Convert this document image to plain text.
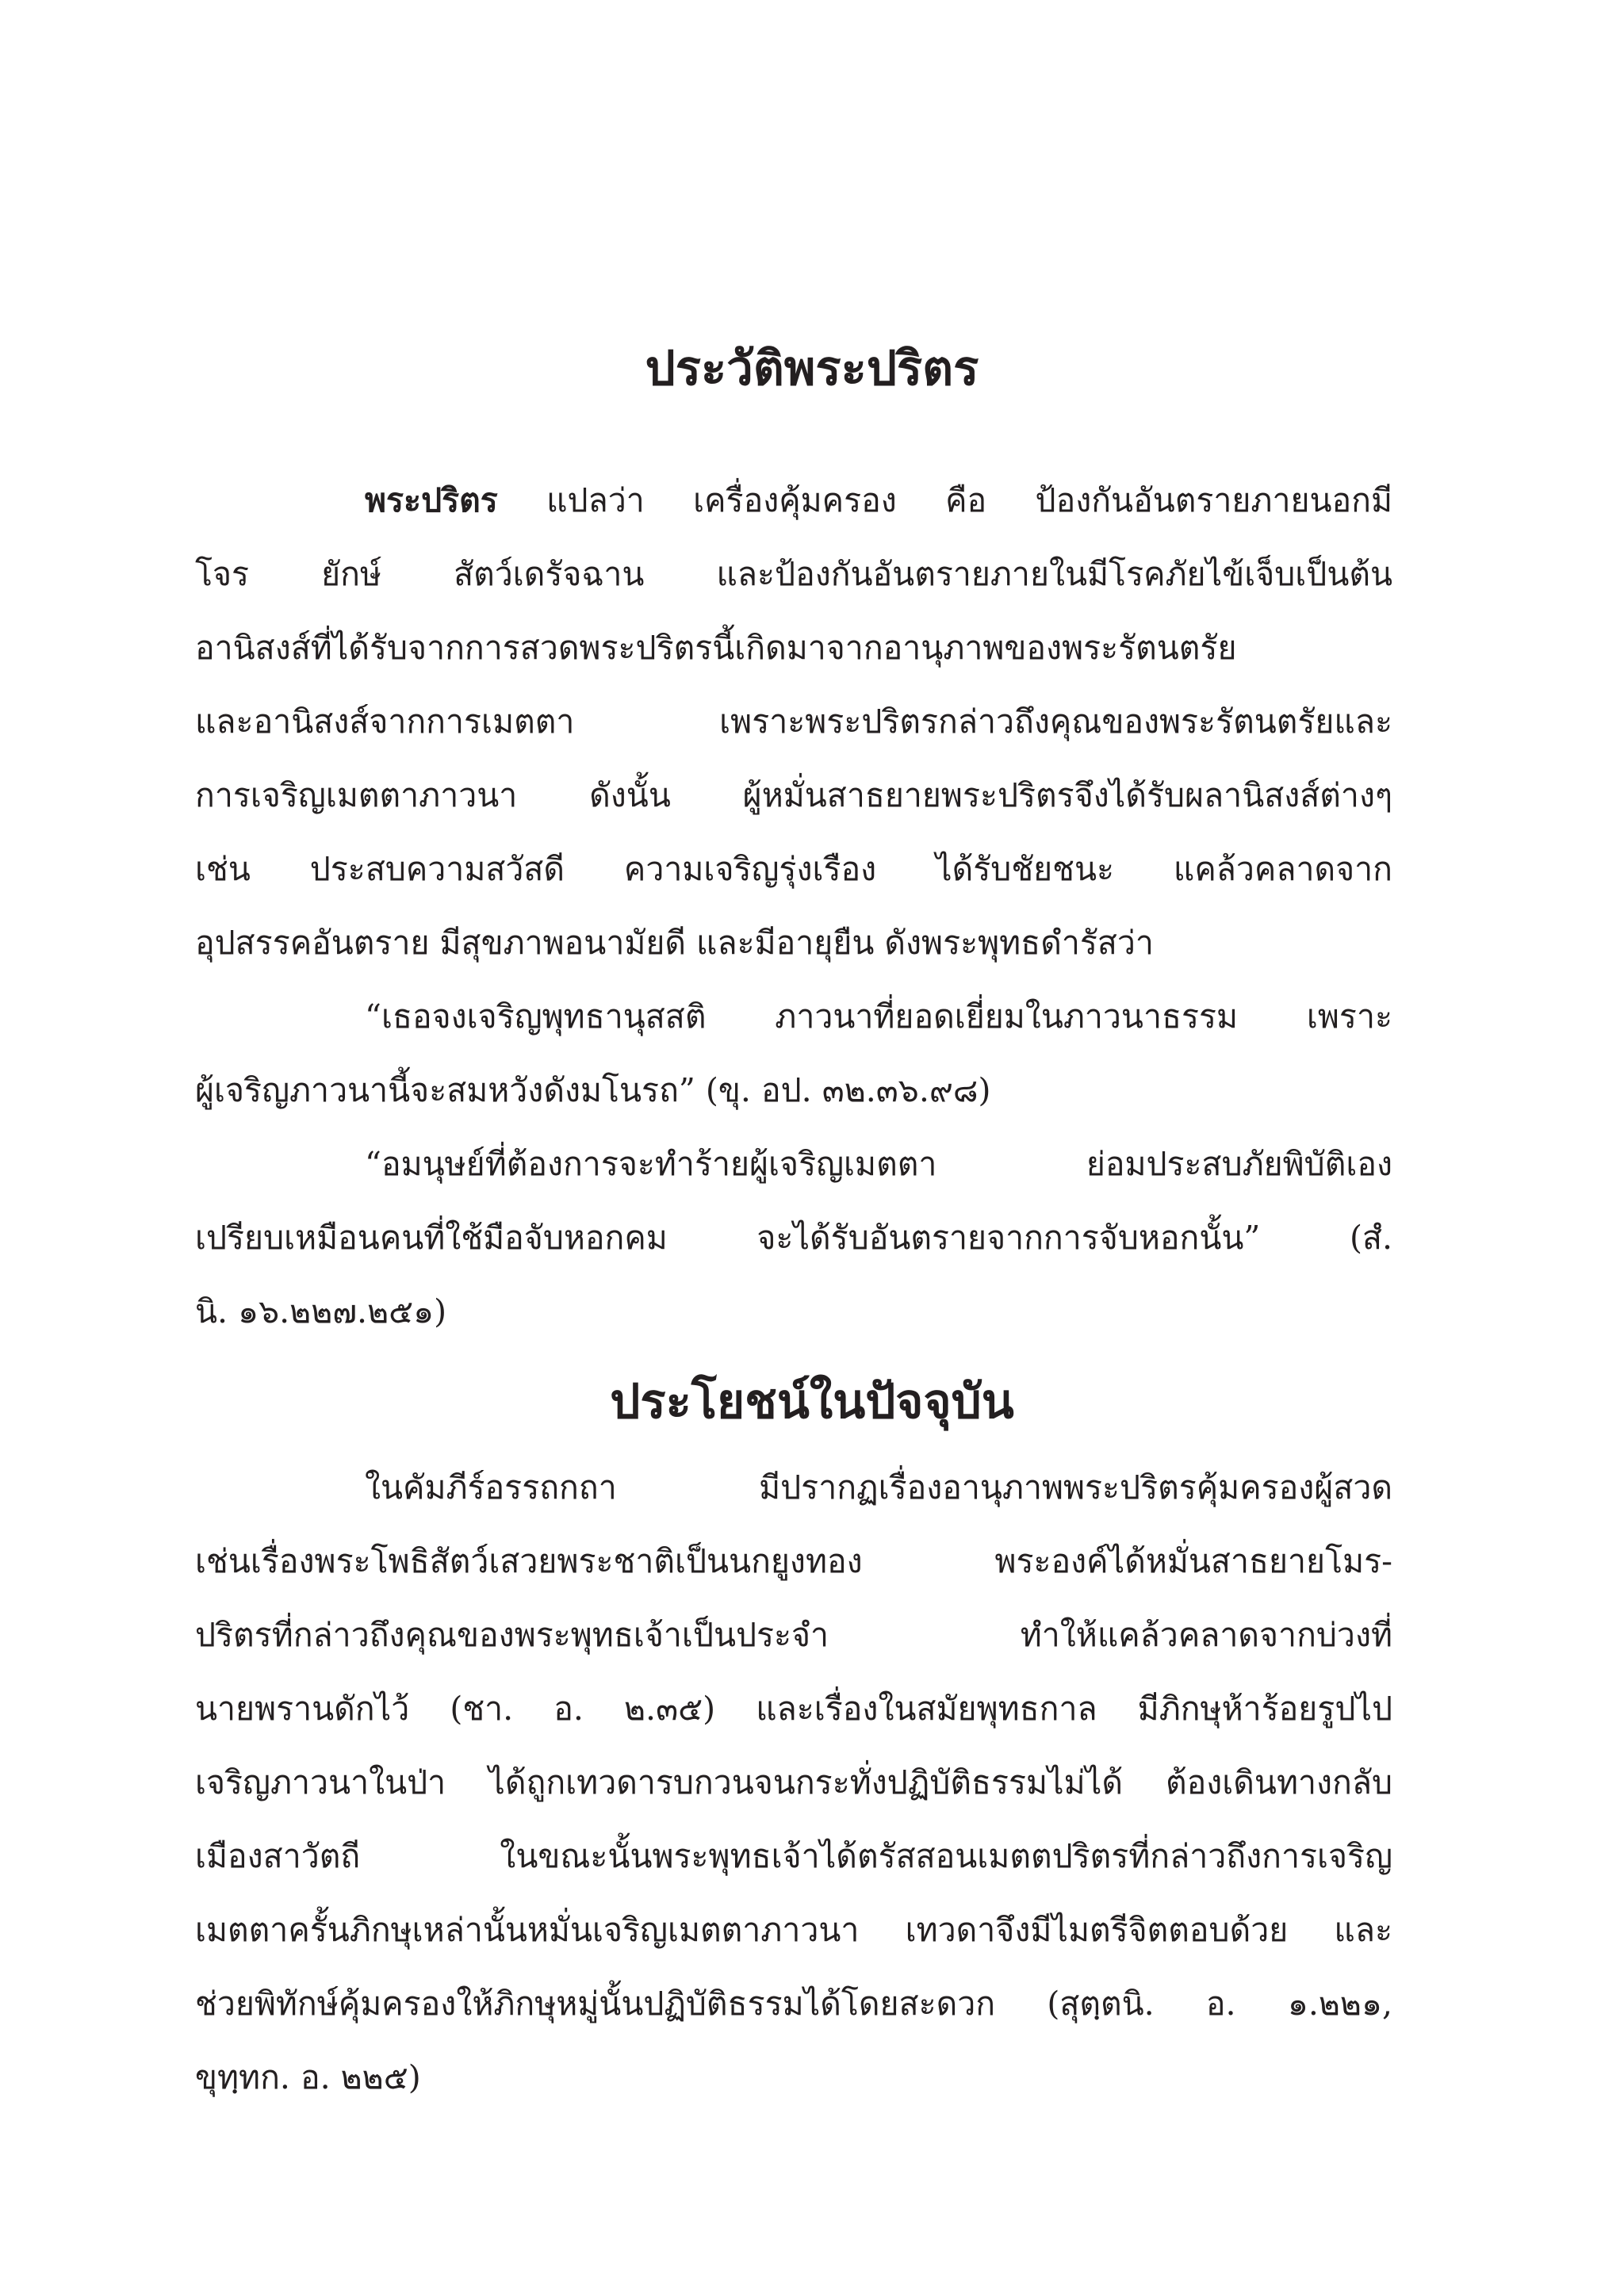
ประวัติพระปริตร

พระปริตร แปลว่า เครื่องคุ้มครอง คือ ป้องกันอันตรายภายนอกมี

โจร ยักษ์ สัตว์เดรัจฉาน และป้องกันอันตรายภายในมีโรคภัยไข้เจ็บเป็นต้น

อานิสงส์ที่ได้รับจากการสวดพระปริตรนี้เกิดมาจากอานุภาพของพระรัตนตรัย

และอานิสงส์จากการเมตตา เพราะพระปริตรกล่าวถึงคุณของพระรัตนตรัยและ

การเจริญเมตตาภาวนา ดังนั้น ผู้หมั่นสาธยายพระปริตรจึงได้รับผลานิสงส์ต่างๆ

เช่น ประสบความสวัสดี ความเจริญรุ่งเรือง ได้รับชัยชนะ แคล้วคลาดจาก

อุปสรรคอันตราย มีสุขภาพอนามัยดี และมีอายุยืน ดังพระพุทธดำรัสว่า

“เธอจงเจริญพุทธานุสสติ ภาวนาที่ยอดเยี่ยมในภาวนาธรรม เพราะ

ผู้เจริญภาวนานี้จะสมหวังดังมโนรถ” (ขุ. อป. ๓๒.๓๖.๙๘)

“อมนุษย์ที่ต้องการจะทำร้ายผู้เจริญเมตตา ย่อมประสบภัยพิบัติเอง

เปรียบเหมือนคนที่ใช้มือจับหอกคม จะได้รับอันตรายจากการจับหอกนั้น” (สํ.

นิ. ๑๖.๒๒๗.๒๕๑)

ประโยชน์ในปัจจุบัน

ในคัมภีร์อรรถกถา มีปรากฏเรื่องอานุภาพพระปริตรคุ้มครองผู้สวด

เช่นเรื่องพระโพธิสัตว์เสวยพระชาติเป็นนกยูงทอง พระองค์ได้หมั่นสาธยายโมร-

ปริตรที่กล่าวถึงคุณของพระพุทธเจ้าเป็นประจำ ทำให้แคล้วคลาดจากบ่วงที่

นายพรานดักไว้ (ชา. อ. ๒.๓๕) และเรื่องในสมัยพุทธกาล มีภิกษุห้าร้อยรูปไป

เจริญภาวนาในป่า ได้ถูกเทวดารบกวนจนกระทั่งปฏิบัติธรรมไม่ได้ ต้องเดินทางกลับ

เมืองสาวัตถี ในขณะนั้นพระพุทธเจ้าได้ตรัสสอนเมตตปริตรที่กล่าวถึงการเจริญ

เมตตาครั้นภิกษุเหล่านั้นหมั่นเจริญเมตตาภาวนา เทวดาจึงมีไมตรีจิตตอบด้วย และ

ช่วยพิทักษ์คุ้มครองให้ภิกษุหมู่นั้นปฏิบัติธรรมได้โดยสะดวก (สุตฺตนิ. อ. ๑.๒๒๑,

ขุทฺทก. อ. ๒๒๕)
